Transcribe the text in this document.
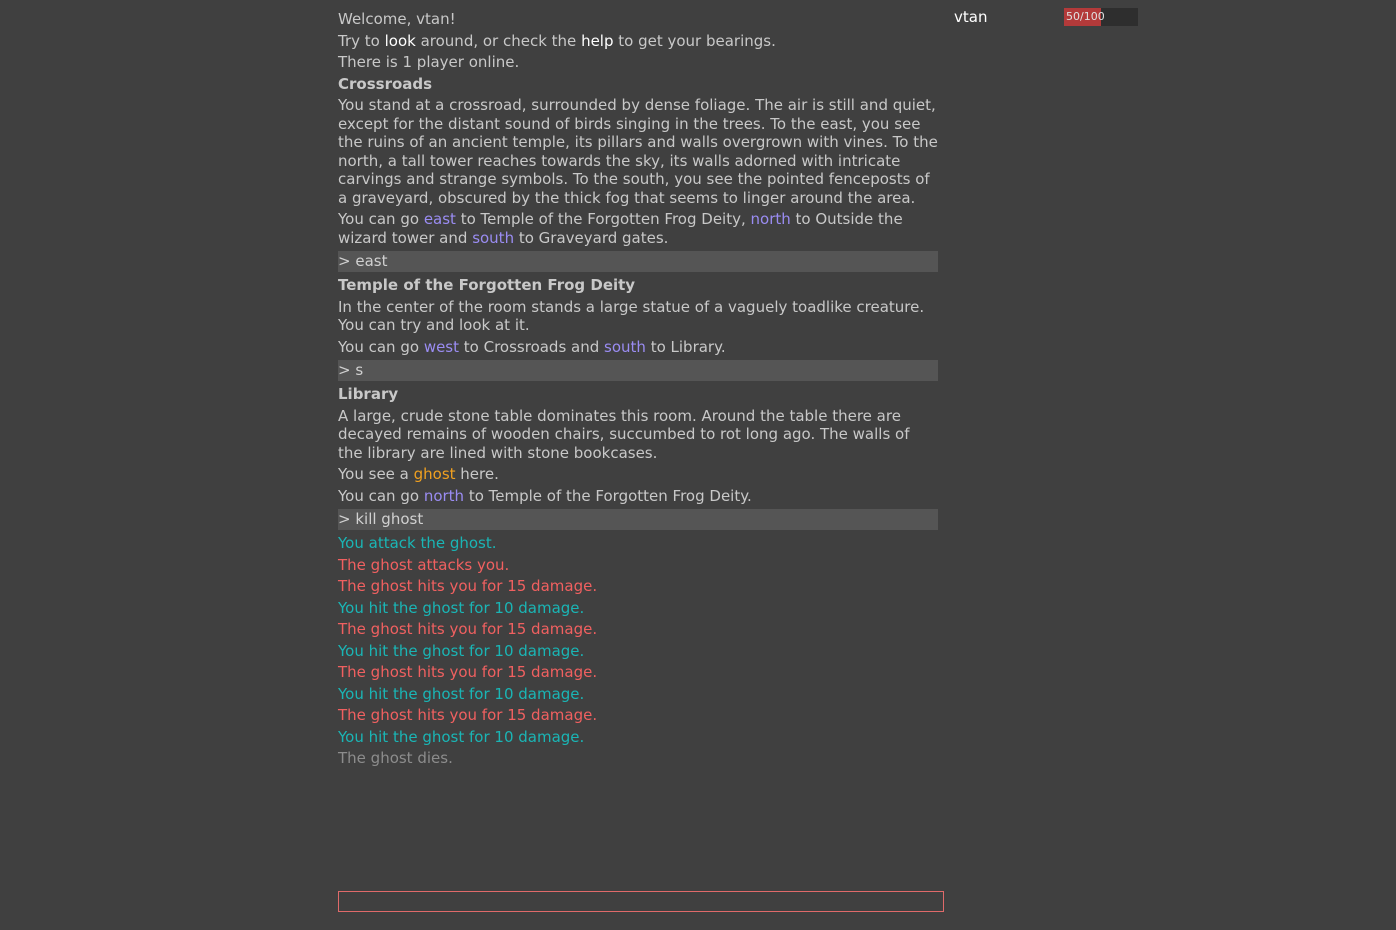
Welcome, vtan!
Try to look around, or check the help to get your bearings.
There is 1 player online.
Crossroads
You stand at a crossroad, surrounded by dense foliage. The air is still and quiet, except for the distant sound of birds singing in the trees. To the east, you see the ruins of an ancient temple, its pillars and walls overgrown with vines. To the north, a tall tower reaches towards the sky, its walls adorned with intricate carvings and strange symbols. To the south, you see the pointed fenceposts of a graveyard, obscured by the thick fog that seems to linger around the area.
You can go east to Temple of the Forgotten Frog Deity, north to Outside the wizard tower and south to Graveyard gates.
> east
Temple of the Forgotten Frog Deity
In the center of the room stands a large statue of a vaguely toadlike creature. You can try and look at it.
You can go west to Crossroads and south to Library.
> s
Library
A large, crude stone table dominates this room. Around the table there are decayed remains of wooden chairs, succumbed to rot long ago. The walls of the library are lined with stone bookcases.
You see a ghost here.
You can go north to Temple of the Forgotten Frog Deity.
> kill ghost
You attack the ghost.
The ghost attacks you.
The ghost hits you for 15 damage.
You hit the ghost for 10 damage.
The ghost hits you for 15 damage.
You hit the ghost for 10 damage.
The ghost hits you for 15 damage.
You hit the ghost for 10 damage.
The ghost hits you for 15 damage.
You hit the ghost for 10 damage.
The ghost dies.
vtan	50/100
